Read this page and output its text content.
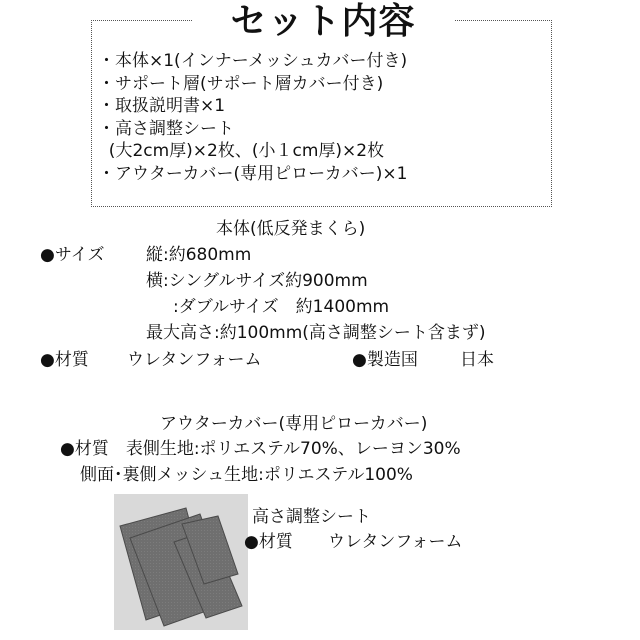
セット内容
・本体×1(インナーメッシュカバー付き)
・サポート層(サポート層カバー付き)
・取扱説明書×1
・高さ調整シート
(大2cm厚)×2枚、(小１cm厚)×2枚
・アウターカバー(専用ピローカバー)×1
本体(低反発まくら)
●サイズ 縦:約680mm
横:シングルサイズ約900mm
:ダブルサイズ　約1400mm
最大高さ:約100mm(高さ調整シート含まず)
●材質 ウレタンフォーム	●製造国 日本
アウターカバー(専用ピローカバー)
●材質　表側生地:ポリエステル70%、レーヨン30%
側面･裏側メッシュ生地:ポリエステル100%
高さ調整シート
●材質 ウレタンフォーム
